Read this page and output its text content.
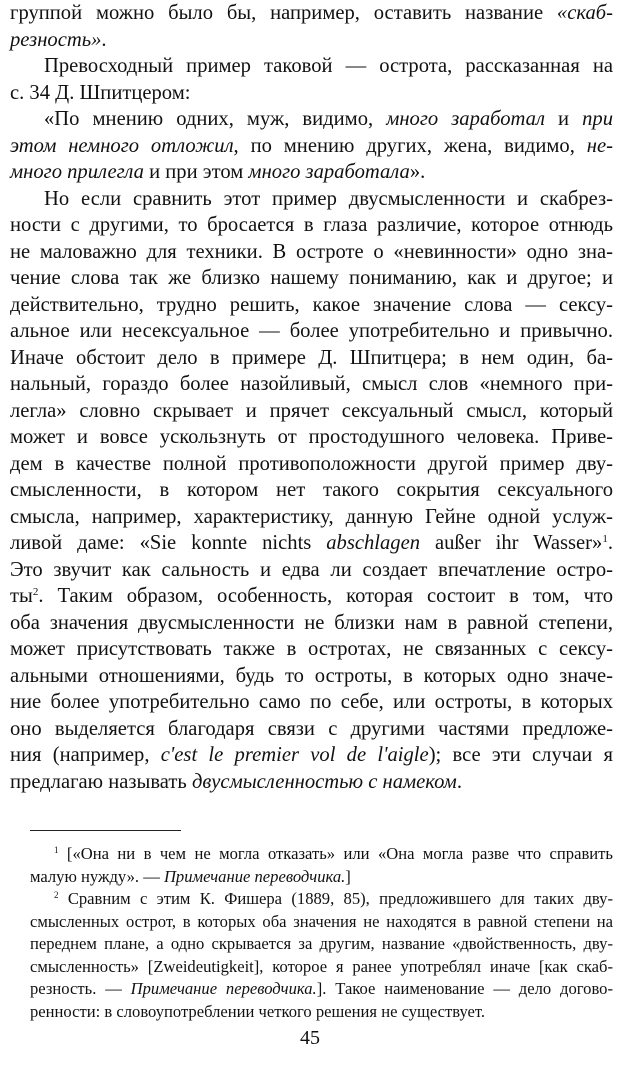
группой можно было бы, например, оставить название «скаб-
резность».
Превосходный пример таковой — острота, рассказанная на
с. 34 Д. Шпитцером:
«По мнению одних, муж, видимо, много заработал и при
этом немного отложил, по мнению других, жена, видимо, не-
много прилегла и при этом много заработала».
Но если сравнить этот пример двусмысленности и скабрез-
ности с другими, то бросается в глаза различие, которое отнюдь
не маловажно для техники. В остроте о «невинности» одно зна-
чение слова так же близко нашему пониманию, как и другое; и
действительно, трудно решить, какое значение слова — сексу-
альное или несексуальное — более употребительно и привычно.
Иначе обстоит дело в примере Д. Шпитцера; в нем один, ба-
нальный, гораздо более назойливый, смысл слов «немного при-
легла» словно скрывает и прячет сексуальный смысл, который
может и вовсе ускользнуть от простодушного человека. Приве-
дем в качестве полной противоположности другой пример дву-
смысленности, в котором нет такого сокрытия сексуального
смысла, например, характеристику, данную Гейне одной услуж-
ливой даме: «Sie konnte nichts abschlagen außer ihr Wasser»$^1$.
Это звучит как сальность и едва ли создает впечатление остро-
$ты^2$. Таким образом, особенность, которая состоит в том, что
оба значения двусмысленности не близки нам в равной степени,
может присутствовать также в остротах, не связанных с сексу-
альными отношениями, будь то остроты, в которых одно значе-
ние более употребительно само по себе, или остроты, в которых
оно выделяется благодаря связи с другими частями предложе-
ния (например, c'est le premier vol de l'aigle); все эти случаи я
предлагаю называть двусмысленностью с намеком.
$^1$ [«Она ни в чем не могла отказать» или «Она могла разве что справить
малую нужду». — Примечание переводчика.]
$^2$ Сравним с этим К. Фишера (1889, 85), предложившего для таких дву-
смысленных острот, в которых оба значения не находятся в равной степени на
переднем плане, а одно скрывается за другим, название «двойственность, дву-
смысленность» [Zweideutigkeit], которое я ранее употреблял иначе [как скаб-
резность. — Примечание переводчика.]. Такое наименование — дело догово-
ренности: в словоупотреблении четкого решения не существует.
45
